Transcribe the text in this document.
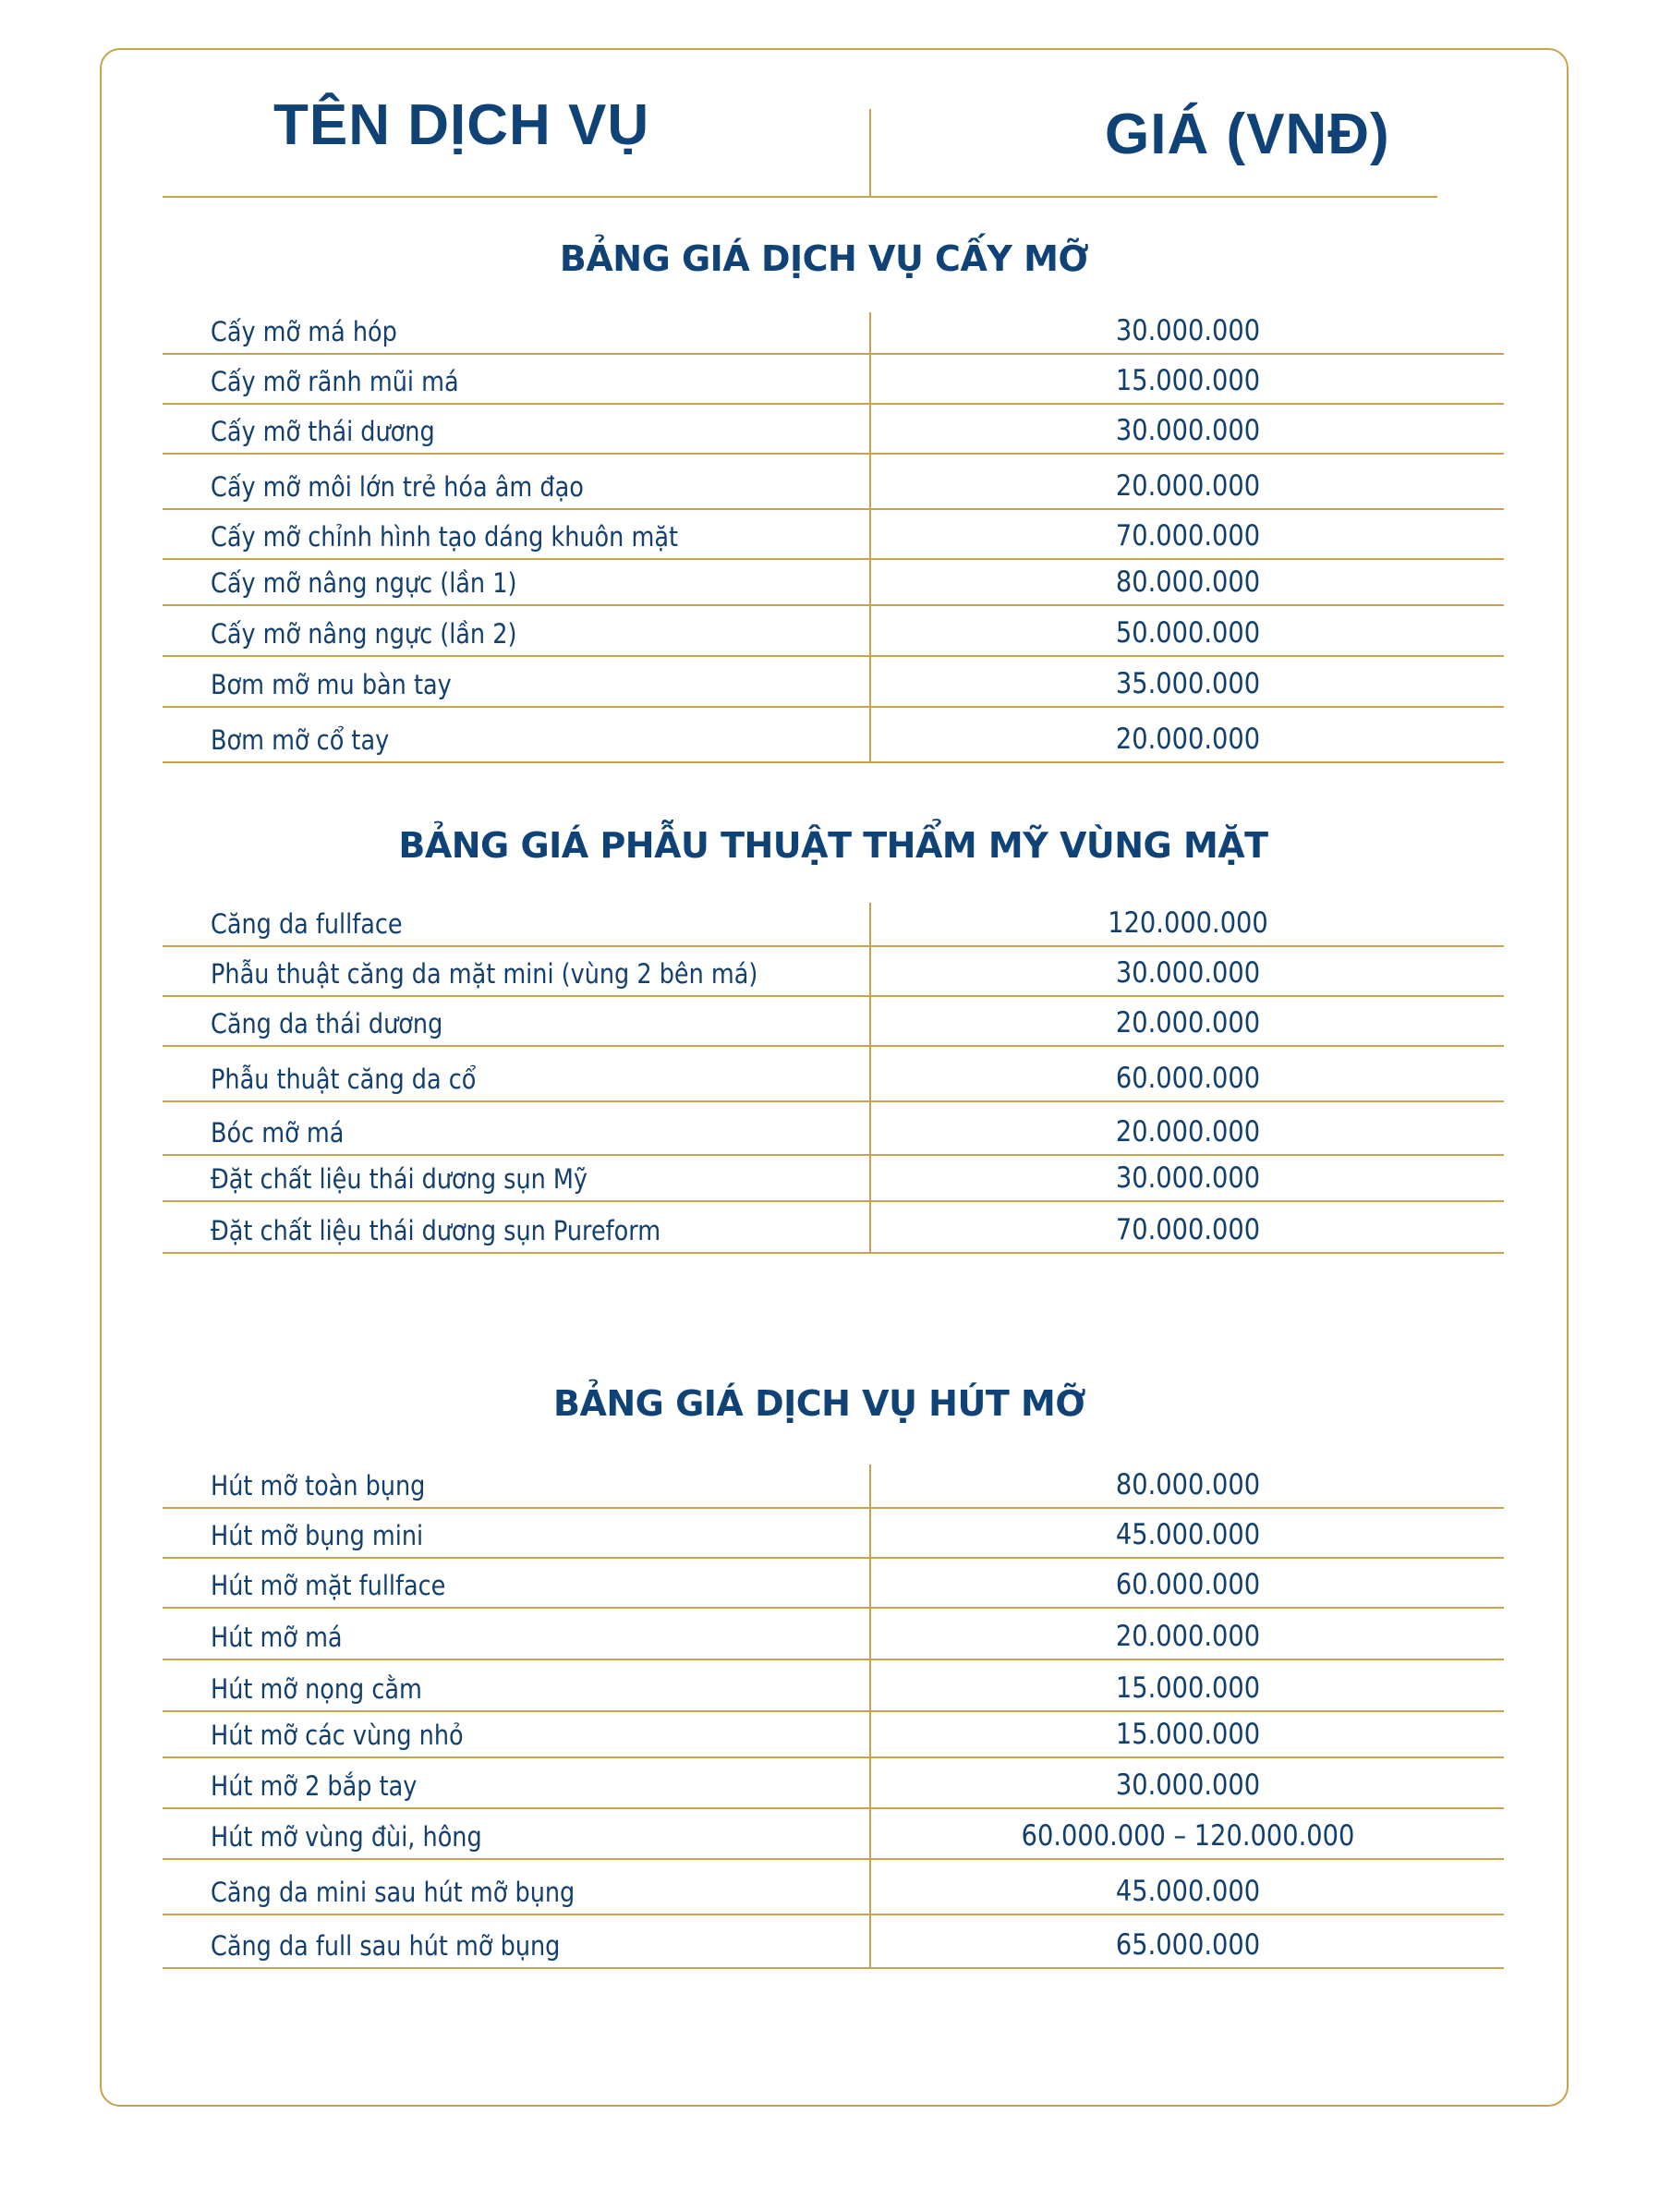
TÊN DỊCH VỤ	GIÁ (VNĐ)
BẢNG GIÁ DỊCH VỤ CẤY MỠ
Cấy mỡ má hóp	30.000.000
Cấy mỡ rãnh mũi má	15.000.000
Cấy mỡ thái dương	30.000.000
Cấy mỡ môi lớn trẻ hóa âm đạo	20.000.000
Cấy mỡ chỉnh hình tạo dáng khuôn mặt	70.000.000
Cấy mỡ nâng ngực (lần 1)	80.000.000
Cấy mỡ nâng ngực (lần 2)	50.000.000
Bơm mỡ mu bàn tay	35.000.000
Bơm mỡ cổ tay	20.000.000
BẢNG GIÁ PHẪU THUẬT THẨM MỸ VÙNG MẶT
Căng da fullface	120.000.000
Phẫu thuật căng da mặt mini (vùng 2 bên má)	30.000.000
Căng da thái dương	20.000.000
Phẫu thuật căng da cổ	60.000.000
Bóc mỡ má	20.000.000
Đặt chất liệu thái dương sụn Mỹ	30.000.000
Đặt chất liệu thái dương sụn Pureform	70.000.000
BẢNG GIÁ DỊCH VỤ HÚT MỠ
Hút mỡ toàn bụng	80.000.000
Hút mỡ bụng mini	45.000.000
Hút mỡ mặt fullface	60.000.000
Hút mỡ má	20.000.000
Hút mỡ nọng cằm	15.000.000
Hút mỡ các vùng nhỏ	15.000.000
Hút mỡ 2 bắp tay	30.000.000
Hút mỡ vùng đùi, hông	60.000.000 – 120.000.000
Căng da mini sau hút mỡ bụng	45.000.000
Căng da full sau hút mỡ bụng	65.000.000
